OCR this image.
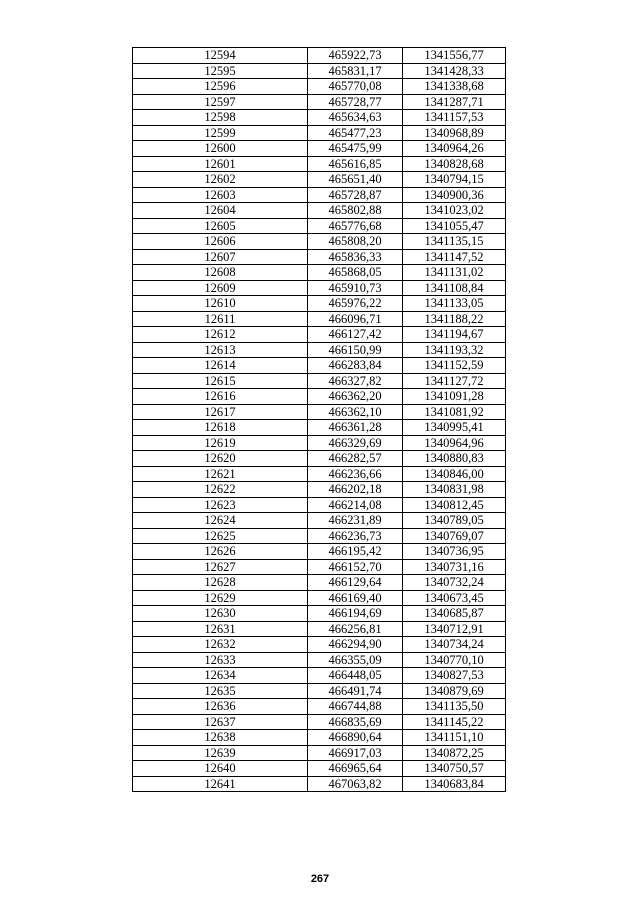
12594	465922,73	1341556,77
12595	465831,17	1341428,33
12596	465770,08	1341338,68
12597	465728,77	1341287,71
12598	465634,63	1341157,53
12599	465477,23	1340968,89
12600	465475,99	1340964,26
12601	465616,85	1340828,68
12602	465651,40	1340794,15
12603	465728,87	1340900,36
12604	465802,88	1341023,02
12605	465776,68	1341055,47
12606	465808,20	1341135,15
12607	465836,33	1341147,52
12608	465868,05	1341131,02
12609	465910,73	1341108,84
12610	465976,22	1341133,05
12611	466096,71	1341188,22
12612	466127,42	1341194,67
12613	466150,99	1341193,32
12614	466283,84	1341152,59
12615	466327,82	1341127,72
12616	466362,20	1341091,28
12617	466362,10	1341081,92
12618	466361,28	1340995,41
12619	466329,69	1340964,96
12620	466282,57	1340880,83
12621	466236,66	1340846,00
12622	466202,18	1340831,98
12623	466214,08	1340812,45
12624	466231,89	1340789,05
12625	466236,73	1340769,07
12626	466195,42	1340736,95
12627	466152,70	1340731,16
12628	466129,64	1340732,24
12629	466169,40	1340673,45
12630	466194,69	1340685,87
12631	466256,81	1340712,91
12632	466294,90	1340734,24
12633	466355,09	1340770,10
12634	466448,05	1340827,53
12635	466491,74	1340879,69
12636	466744,88	1341135,50
12637	466835,69	1341145,22
12638	466890,64	1341151,10
12639	466917,03	1340872,25
12640	466965,64	1340750,57
12641	467063,82	1340683,84
267
